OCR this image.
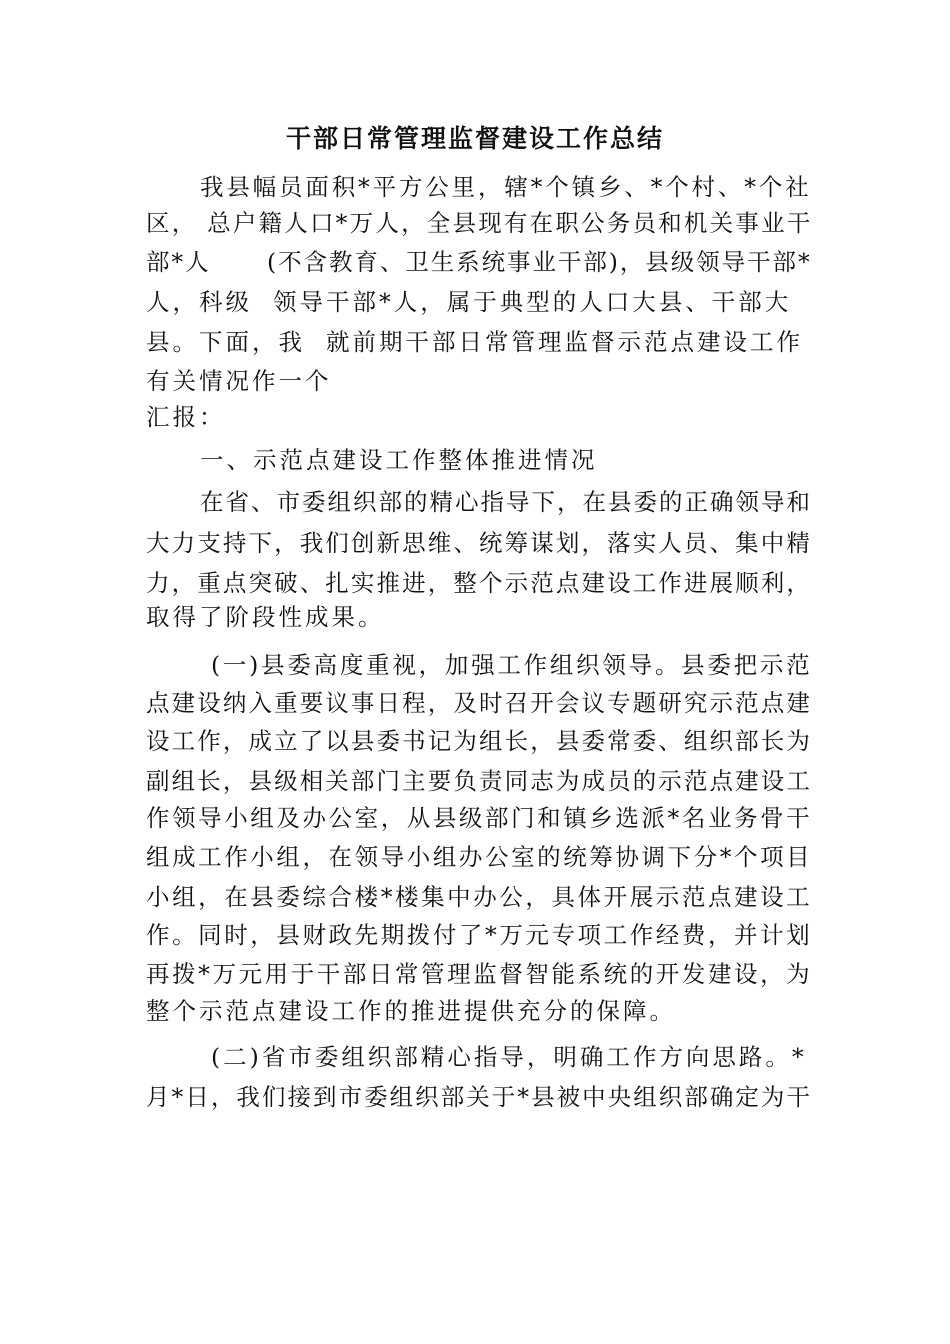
干部日常管理监督建设工作总结
我县幅员面积*平方公里，辖*个镇乡、*个村、*个社
区， 总户籍人口*万人，全县现有在职公务员和机关事业干
部*人      (不含教育、卫生系统事业干部)，县级领导干部*
人，科级  领导干部*人，属于典型的人口大县、干部大
县。下面，我  就前期干部日常管理监督示范点建设工作
有关情况作一个
汇报：
一、示范点建设工作整体推进情况
在省、市委组织部的精心指导下，在县委的正确领导和
大力支持下，我们创新思维、统筹谋划，落实人员、集中精
力，重点突破、扎实推进，整个示范点建设工作进展顺利，
取得了阶段性成果。
(一)县委高度重视，加强工作组织领导。县委把示范
点建设纳入重要议事日程，及时召开会议专题研究示范点建
设工作，成立了以县委书记为组长，县委常委、组织部长为
副组长，县级相关部门主要负责同志为成员的示范点建设工
作领导小组及办公室，从县级部门和镇乡选派*名业务骨干
组成工作小组，在领导小组办公室的统筹协调下分*个项目
小组，在县委综合楼*楼集中办公，具体开展示范点建设工
作。同时，县财政先期拨付了*万元专项工作经费，并计划
再拨*万元用于干部日常管理监督智能系统的开发建设，为
整个示范点建设工作的推进提供充分的保障。
(二)省市委组织部精心指导，明确工作方向思路。*
月*日，我们接到市委组织部关于*县被中央组织部确定为干
